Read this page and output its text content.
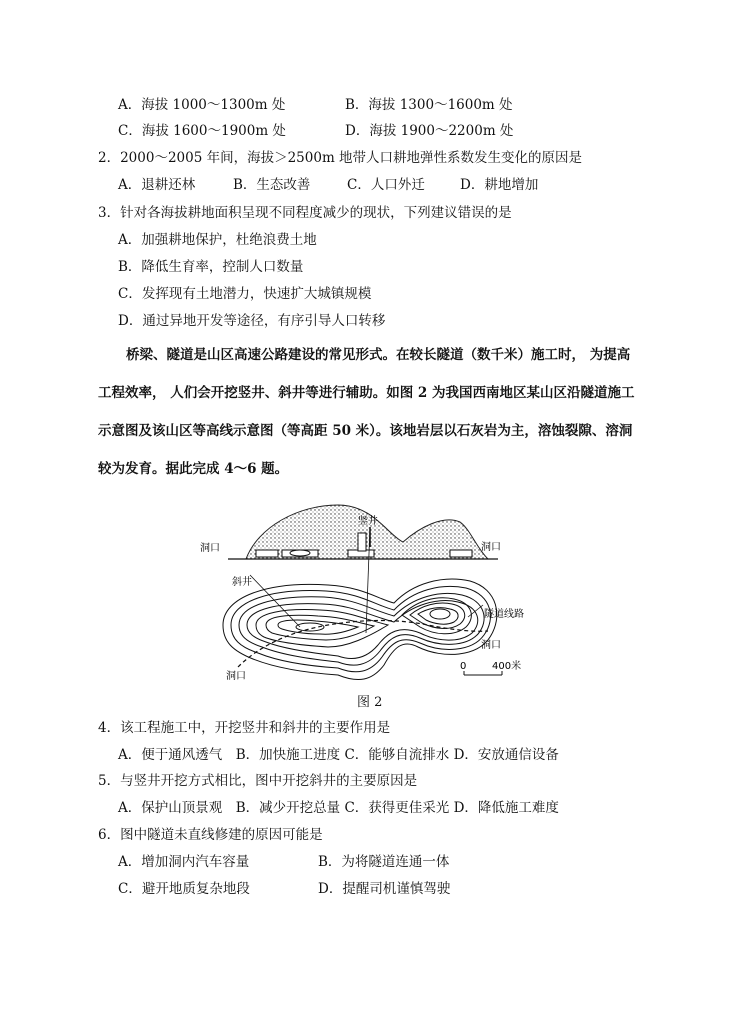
A．海拔 1000～1300m 处	B．海拔 1300～1600m 处
C．海拔 1600～1900m 处	D．海拔 1900～2200m 处
2．2000～2005 年间，海拔＞2500m 地带人口耕地弹性系数发生变化的原因是
A．退耕还林	B．生态改善	C．人口外迁	D．耕地增加
3．针对各海拔耕地面积呈现不同程度减少的现状，下列建议错误的是
A．加强耕地保护，杜绝浪费土地
B．降低生育率，控制人口数量
C．发挥现有土地潜力，快速扩大城镇规模
D．通过异地开发等途径，有序引导人口转移
桥梁、隧道是山区高速公路建设的常见形式。在较长隧道（数千米）施工时， 为提高
工程效率， 人们会开挖竖井、斜井等进行辅助。如图 2 为我国西南地区某山区沿隧道施工
示意图及该山区等高线示意图（等高距 50 米）。该地岩层以石灰岩为主，溶蚀裂隙、溶洞
较为发育。据此完成 4～6 题。
竖井
洞口	洞口
斜井
隧道线路
洞口
洞口
0	400米
图 2
4．该工程施工中，开挖竖井和斜井的主要作用是
A．便于通风透气　B．加快施工进度 C．能够自流排水 D．安放通信设备
5．与竖井开挖方式相比，图中开挖斜井的主要原因是
A．保护山顶景观　B．减少开挖总量 C．获得更佳采光 D．降低施工难度
6．图中隧道未直线修建的原因可能是
A．增加洞内汽车容量	B．为将隧道连通一体
C．避开地质复杂地段	D．提醒司机谨慎驾驶
